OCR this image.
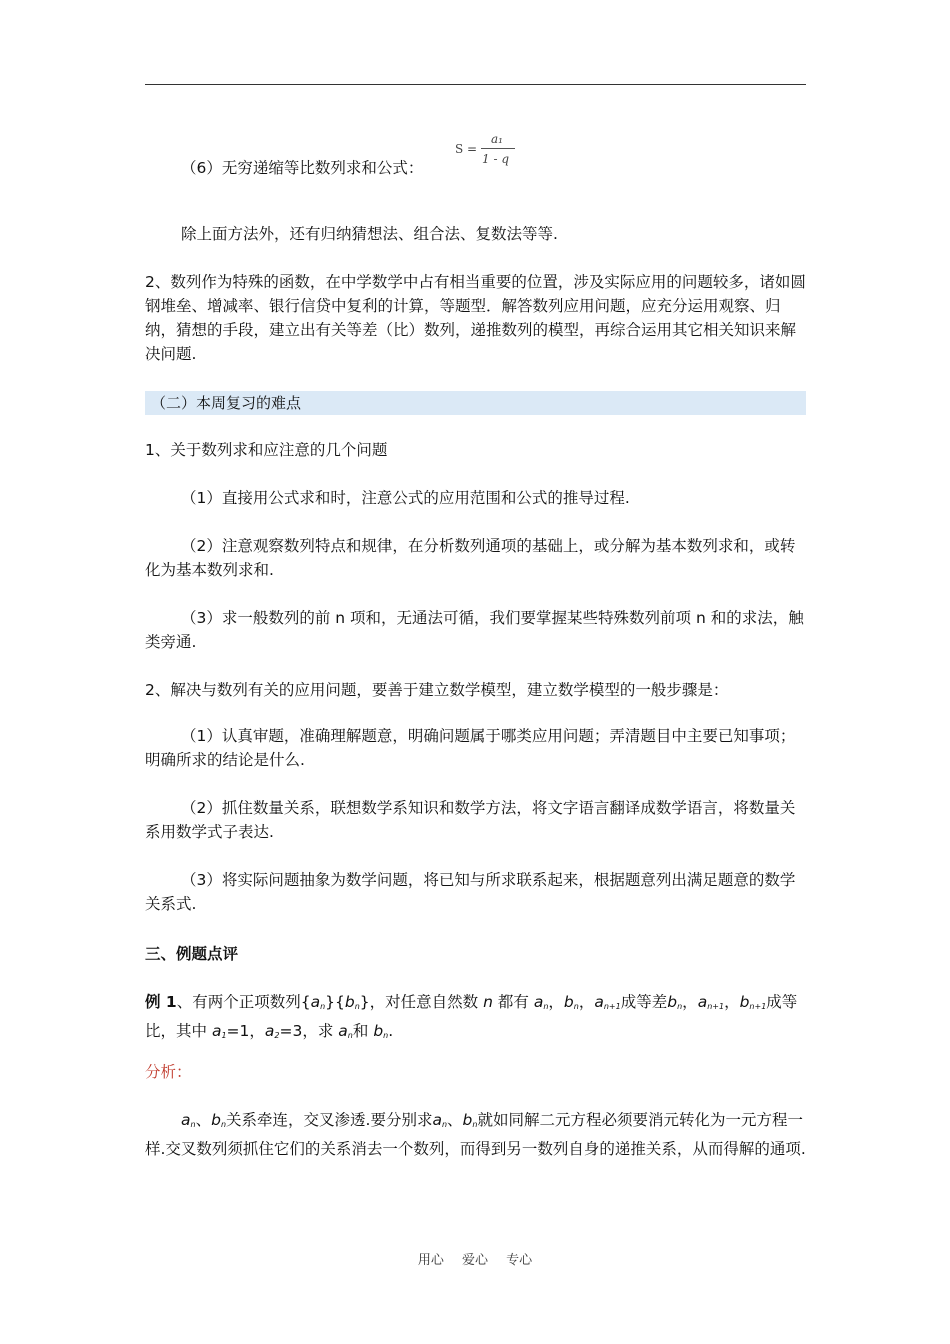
（6）无穷递缩等比数列求和公式：

S =
a₁
1 - q

除上面方法外，还有归纳猜想法、组合法、复数法等等.

2、数列作为特殊的函数，在中学数学中占有相当重要的位置，涉及实际应用的问题较多，诸如圆钢堆垒、增减率、银行信贷中复利的计算，等题型．解答数列应用问题，应充分运用观察、归纳，猜想的手段，建立出有关等差（比）数列，递推数列的模型，再综合运用其它相关知识来解决问题.

（二）本周复习的难点

1、关于数列求和应注意的几个问题

（1）直接用公式求和时，注意公式的应用范围和公式的推导过程.

（2）注意观察数列特点和规律，在分析数列通项的基础上，或分解为基本数列求和，或转化为基本数列求和.

（3）求一般数列的前 n 项和，无通法可循，我们要掌握某些特殊数列前项 n 和的求法，触类旁通.

2、解决与数列有关的应用问题，要善于建立数学模型，建立数学模型的一般步骤是：

（1）认真审题，准确理解题意，明确问题属于哪类应用问题；弄清题目中主要已知事项；明确所求的结论是什么.

（2）抓住数量关系，联想数学系知识和数学方法，将文字语言翻译成数学语言，将数量关系用数学式子表达.

（3）将实际问题抽象为数学问题，将已知与所求联系起来，根据题意列出满足题意的数学关系式.

三、例题点评

例 1、有两个正项数列$\{a_n\}\{b_n\}$，对任意自然数 n 都有 $a_n$，$b_n$，$a_{n+1}$成等差$b_n$，$a_{n+1}$，$b_{n+1}$成等比，其中 $a_1=1$，$a_2=3$，求 $a_n$和 $b_n$.

分析：

$a_n$、$b_n$关系牵连，交叉渗透.要分别求$a_n$、$b_n$就如同解二元方程必须要消元转化为一元方程一样.交叉数列须抓住它们的关系消去一个数列，而得到另一数列自身的递推关系，从而得解的通项.

用心 爱心 专心
